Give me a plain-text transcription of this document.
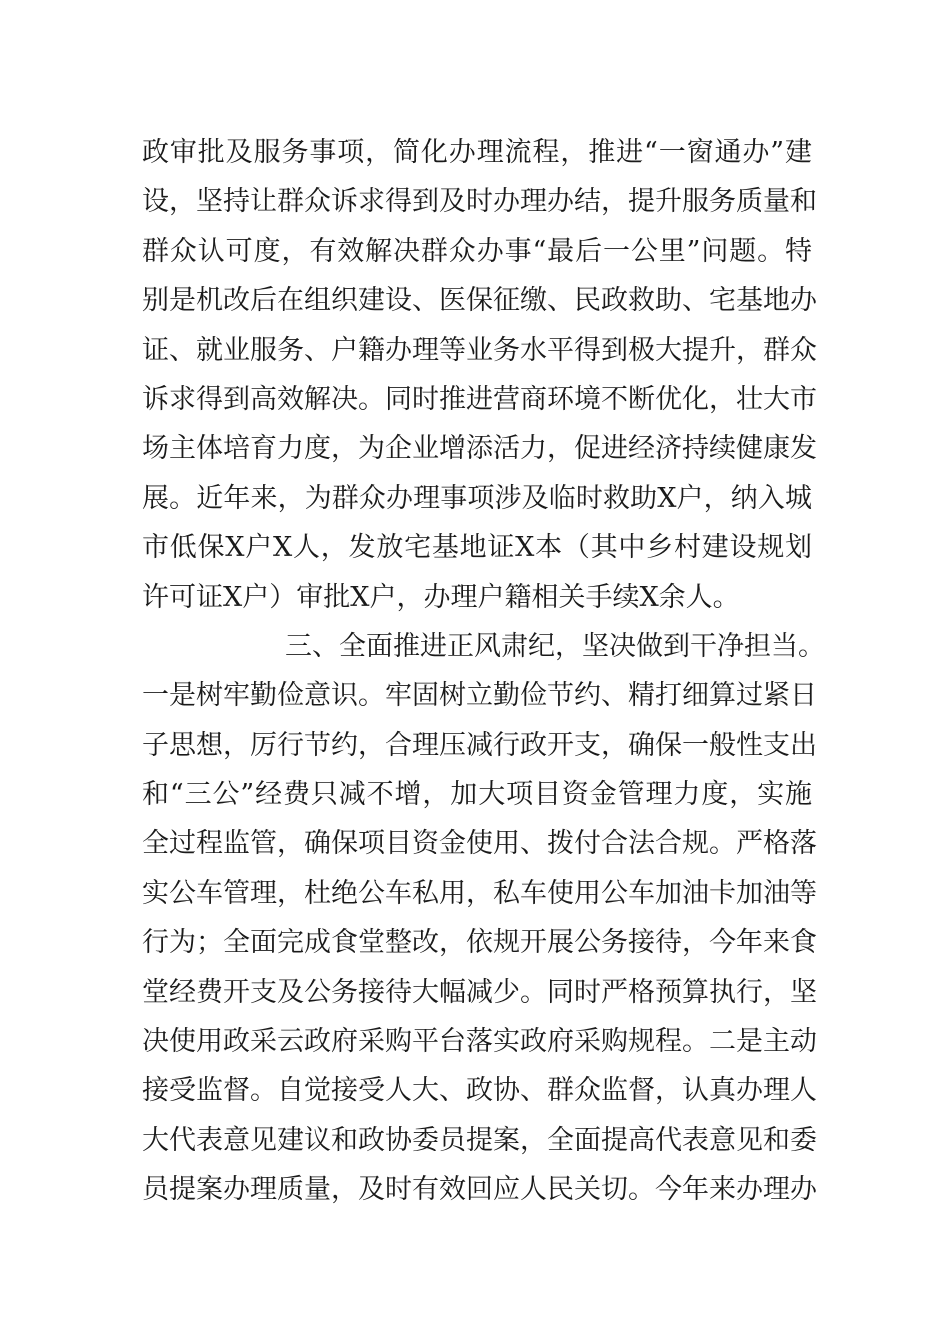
政审批及服务事项，简化办理流程，推进“一窗通办”建
设，坚持让群众诉求得到及时办理办结，提升服务质量和
群众认可度，有效解决群众办事“最后一公里”问题。特
别是机改后在组织建设、医保征缴、民政救助、宅基地办
证、就业服务、户籍办理等业务水平得到极大提升，群众
诉求得到高效解决。同时推进营商环境不断优化，壮大市
场主体培育力度，为企业增添活力，促进经济持续健康发
展。近年来，为群众办理事项涉及临时救助X户，纳入城
市低保X户X人，发放宅基地证X本（其中乡村建设规划
许可证X户）审批X户，办理户籍相关手续X余人。
三、全面推进正风肃纪，坚决做到干净担当。
一是树牢勤俭意识。牢固树立勤俭节约、精打细算过紧日
子思想，厉行节约，合理压减行政开支，确保一般性支出
和“三公”经费只减不增，加大项目资金管理力度，实施
全过程监管，确保项目资金使用、拨付合法合规。严格落
实公车管理，杜绝公车私用，私车使用公车加油卡加油等
行为；全面完成食堂整改，依规开展公务接待，今年来食
堂经费开支及公务接待大幅减少。同时严格预算执行，坚
决使用政采云政府采购平台落实政府采购规程。二是主动
接受监督。自觉接受人大、政协、群众监督，认真办理人
大代表意见建议和政协委员提案，全面提高代表意见和委
员提案办理质量，及时有效回应人民关切。今年来办理办
